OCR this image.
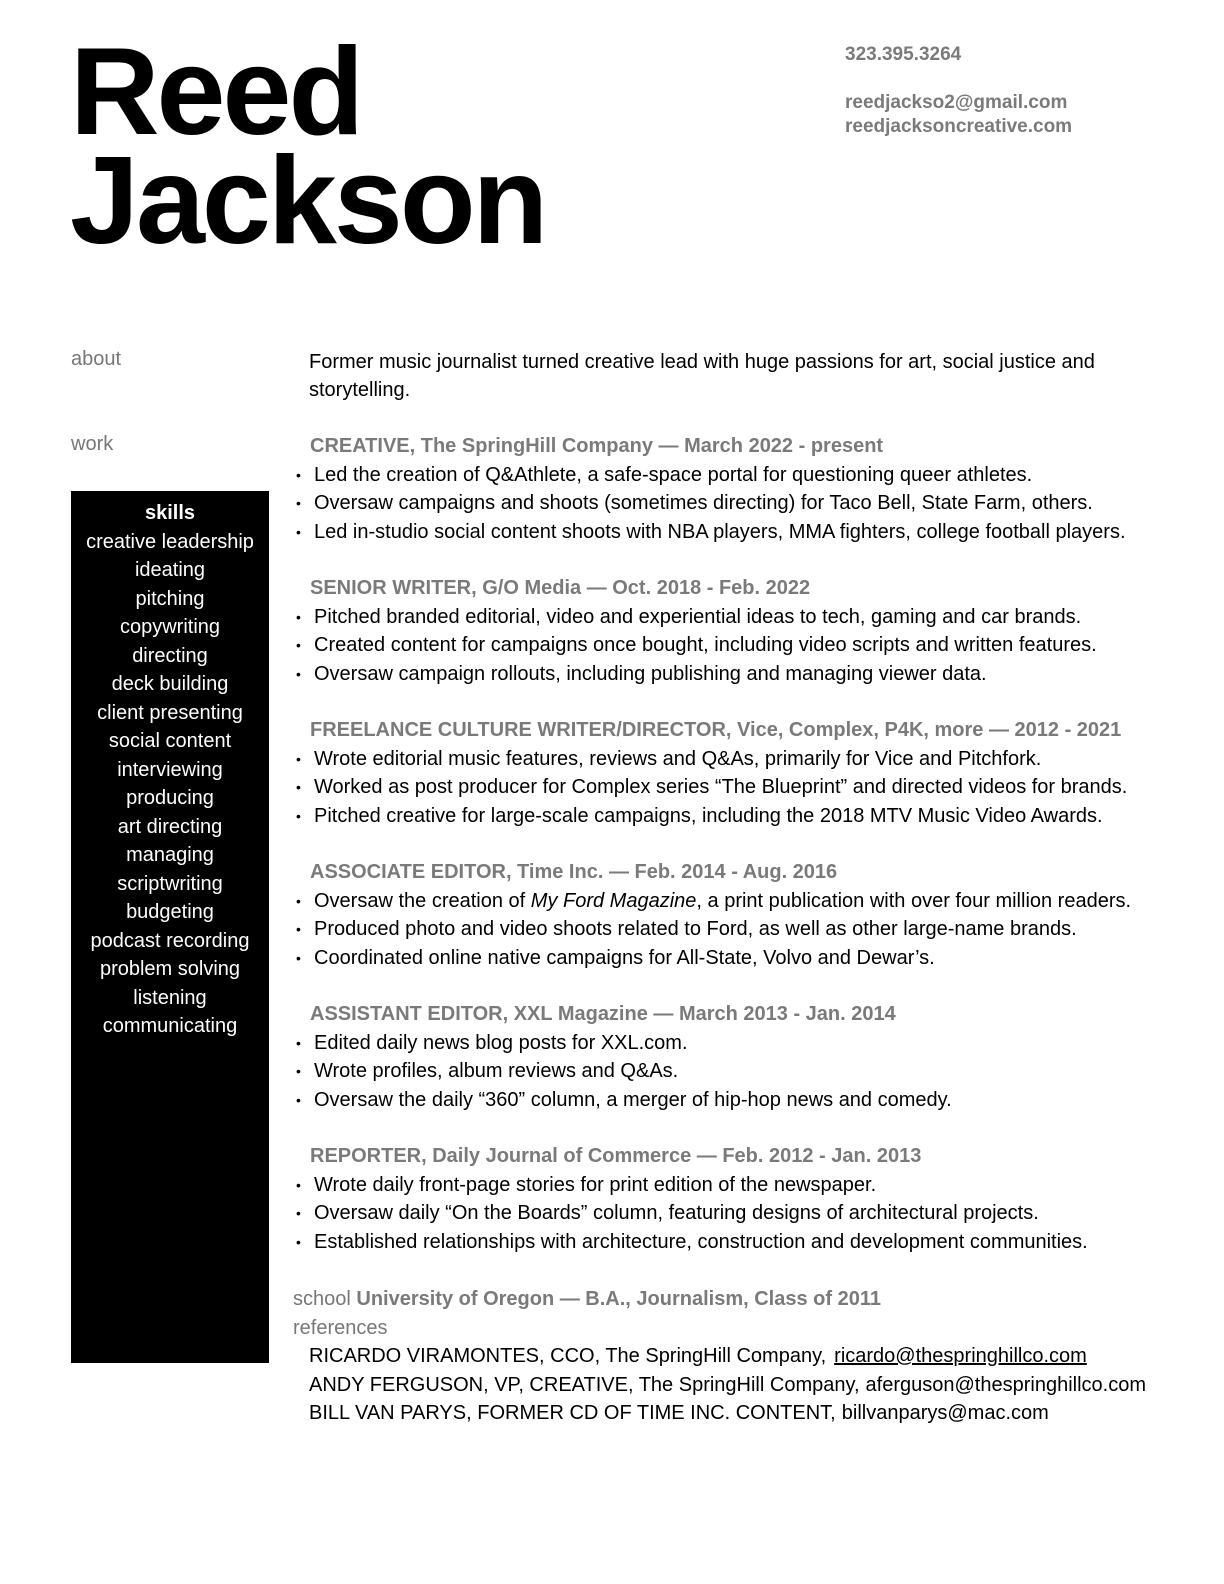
Reed
Jackson
323.395.3264
reedjackso2@gmail.com
reedjacksoncreative.com
about
work
skills
creative leadership
ideating
pitching
copywriting
directing
deck building
client presenting
social content
interviewing
producing
art directing
managing
scriptwriting
budgeting
podcast recording
problem solving
listening
communicating
Former music journalist turned creative lead with huge passions for art, social justice and storytelling.
CREATIVE, The SpringHill Company — March 2022 - present
• Led the creation of Q&Athlete, a safe-space portal for questioning queer athletes.
• Oversaw campaigns and shoots (sometimes directing) for Taco Bell, State Farm, others.
• Led in-studio social content shoots with NBA players, MMA fighters, college football players.
SENIOR WRITER, G/O Media — Oct. 2018 - Feb. 2022
• Pitched branded editorial, video and experiential ideas to tech, gaming and car brands.
• Created content for campaigns once bought, including video scripts and written features.
• Oversaw campaign rollouts, including publishing and managing viewer data.
FREELANCE CULTURE WRITER/DIRECTOR, Vice, Complex, P4K, more — 2012 - 2021
• Wrote editorial music features, reviews and Q&As, primarily for Vice and Pitchfork.
• Worked as post producer for Complex series “The Blueprint” and directed videos for brands.
• Pitched creative for large-scale campaigns, including the 2018 MTV Music Video Awards.
ASSOCIATE EDITOR, Time Inc. — Feb. 2014 - Aug. 2016
• Oversaw the creation of My Ford Magazine, a print publication with over four million readers.
• Produced photo and video shoots related to Ford, as well as other large-name brands.
• Coordinated online native campaigns for All-State, Volvo and Dewar’s.
ASSISTANT EDITOR, XXL Magazine — March 2013 - Jan. 2014
• Edited daily news blog posts for XXL.com.
• Wrote profiles, album reviews and Q&As.
• Oversaw the daily “360” column, a merger of hip-hop news and comedy.
REPORTER, Daily Journal of Commerce — Feb. 2012 - Jan. 2013
• Wrote daily front-page stories for print edition of the newspaper.
• Oversaw daily “On the Boards” column, featuring designs of architectural projects.
• Established relationships with architecture, construction and development communities.
school University of Oregon — B.A., Journalism, Class of 2011
references
RICARDO VIRAMONTES, CCO, The SpringHill Company, ricardo@thespringhillco.com
ANDY FERGUSON, VP, CREATIVE, The SpringHill Company, aferguson@thespringhillco.com
BILL VAN PARYS, FORMER CD OF TIME INC. CONTENT, billvanparys@mac.com
